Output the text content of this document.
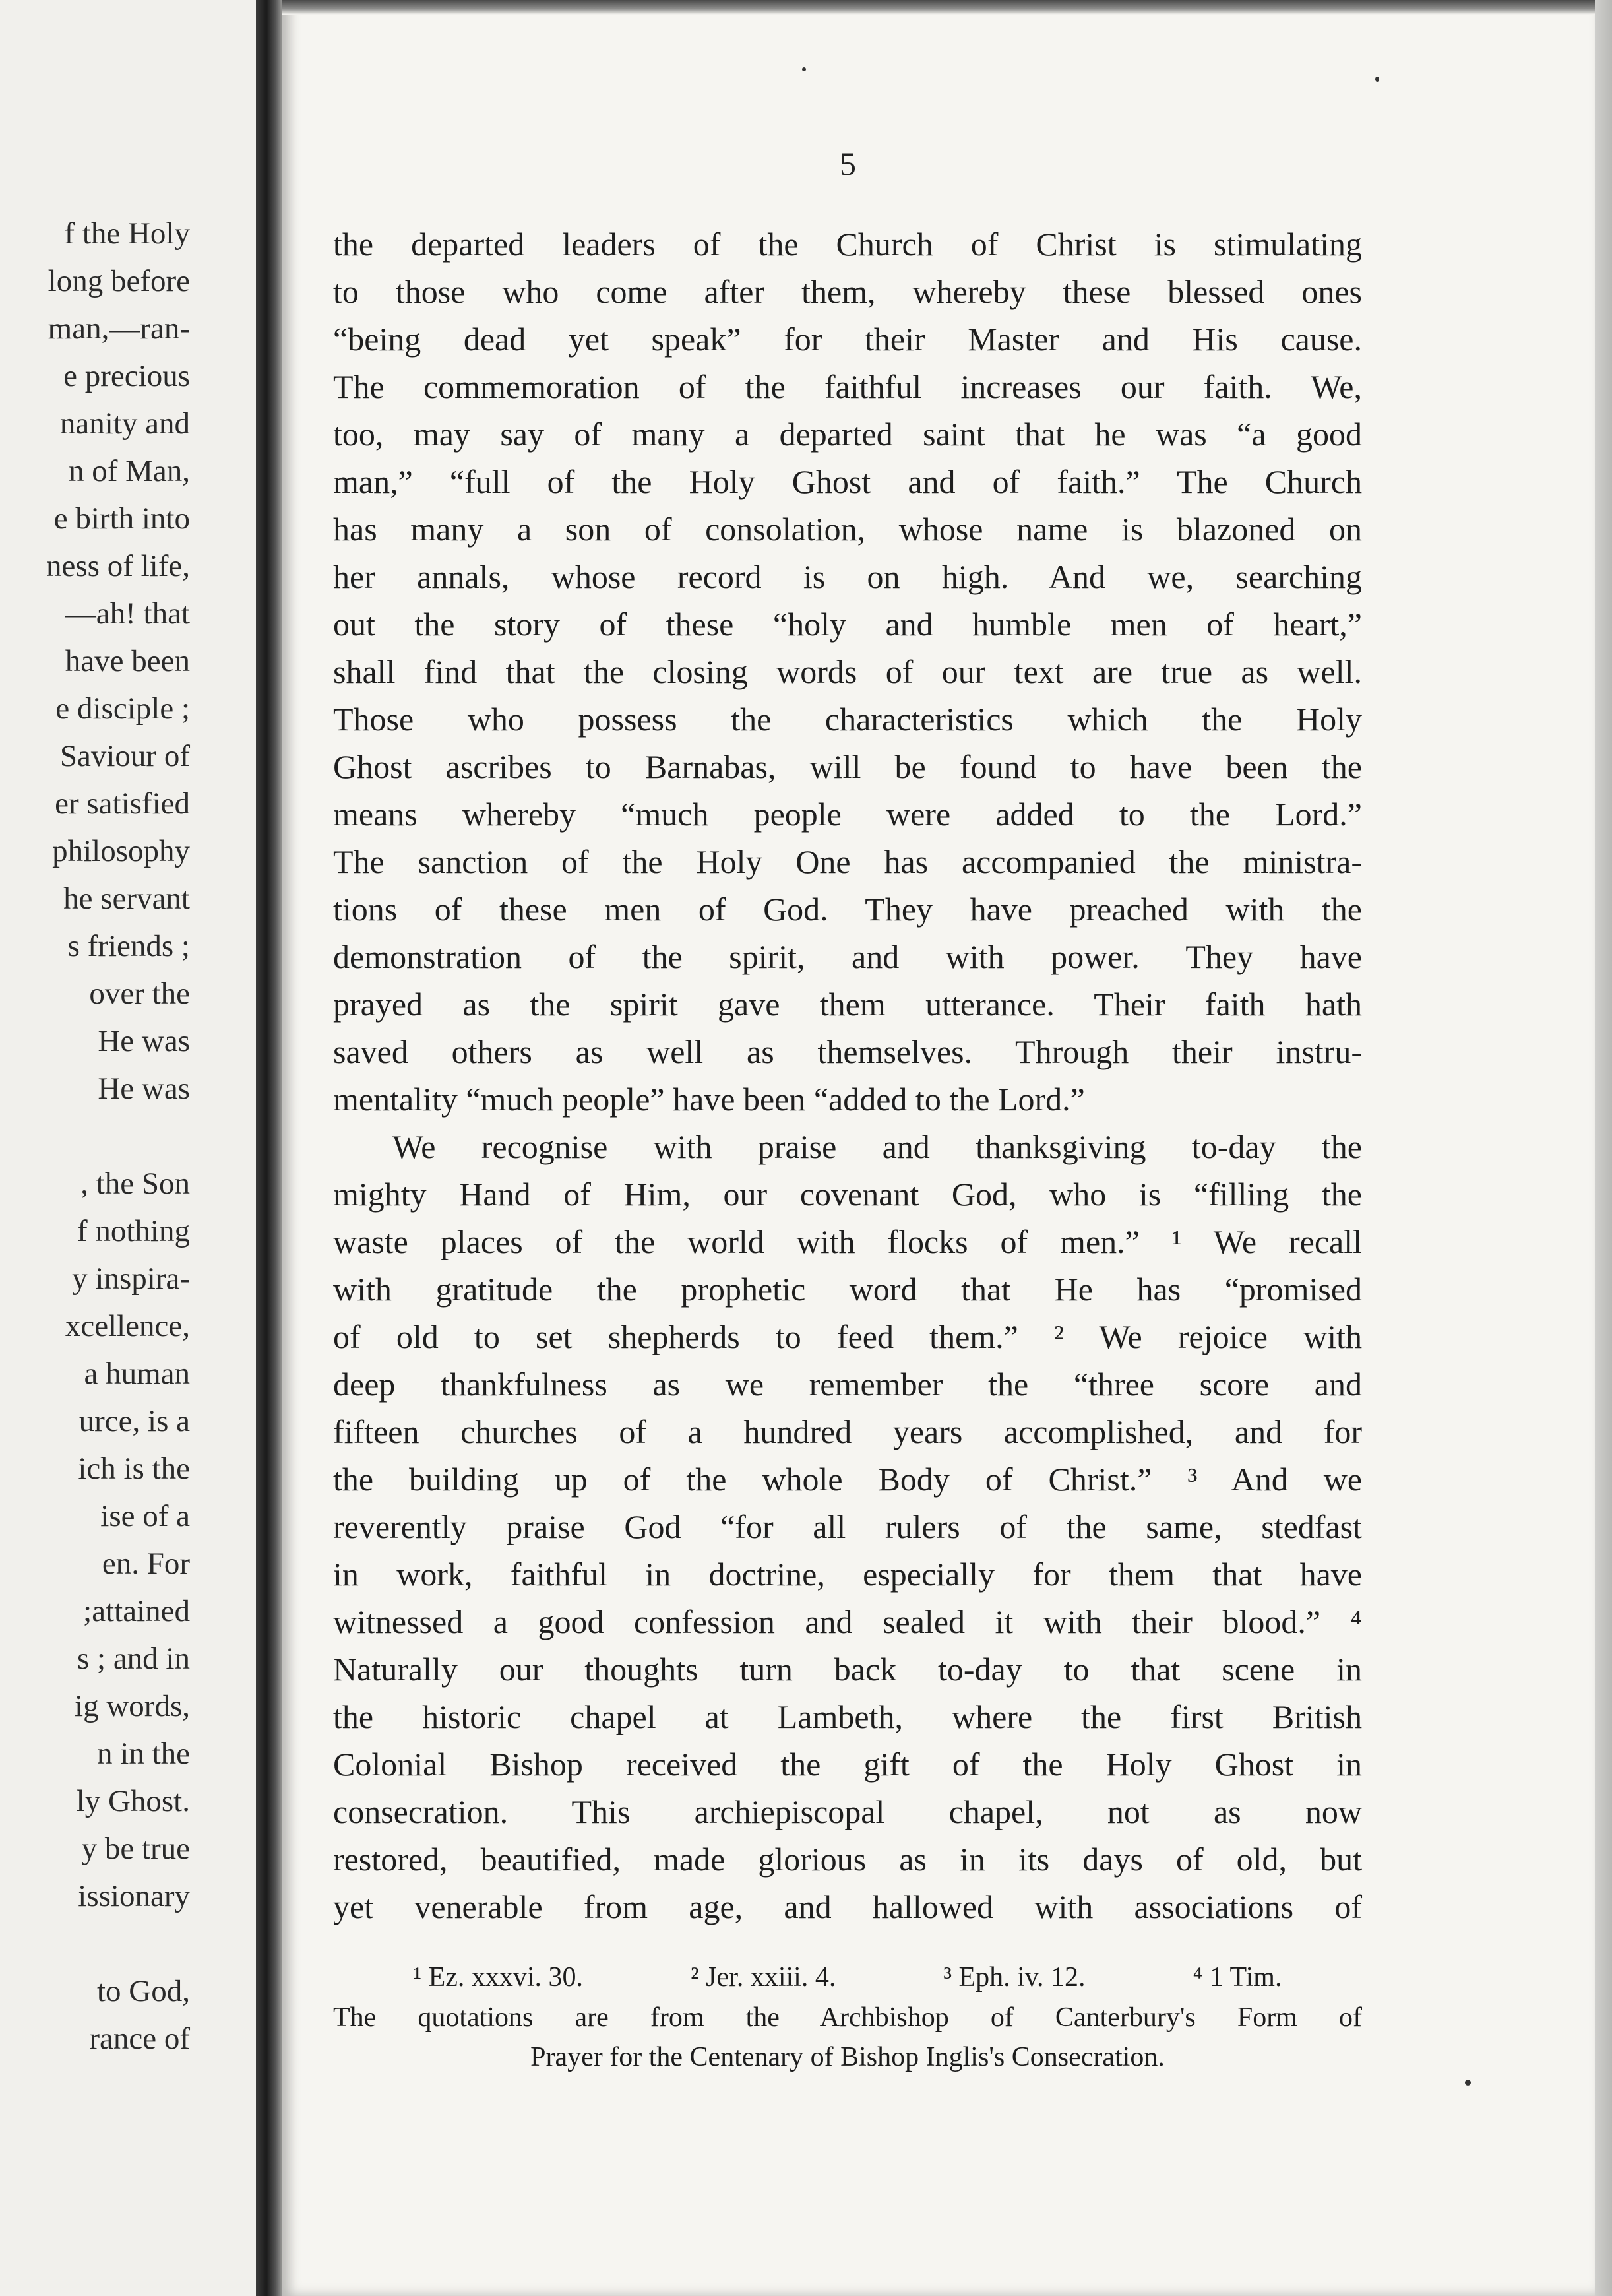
f the Holy
long before
man,—ran-
e precious
nanity and
n of Man,
e birth into
ness of life,
—ah! that
have been
e disciple ;
Saviour of
er satisfied
philosophy
he servant
s friends ;
over the
He was
He was
, the Son
f nothing
y inspira-
xcellence,
a human
urce, is a
ich is the
ise of a
en. For
;attained
s ; and in
ig words,
n in the
ly Ghost.
y be true
issionary
to God,
rance of
5
the departed leaders of the Church of Christ is stimulating
to those who come after them, whereby these blessed ones
“being dead yet speak” for their Master and His cause.
The commemoration of the faithful increases our faith. We,
too, may say of many a departed saint that he was “a good
man,” “full of the Holy Ghost and of faith.” The Church
has many a son of consolation, whose name is blazoned on
her annals, whose record is on high. And we, searching
out the story of these “holy and humble men of heart,”
shall find that the closing words of our text are true as well.
Those who possess the characteristics which the Holy
Ghost ascribes to Barnabas, will be found to have been the
means whereby “much people were added to the Lord.”
The sanction of the Holy One has accompanied the ministra-
tions of these men of God. They have preached with the
demonstration of the spirit, and with power. They have
prayed as the spirit gave them utterance. Their faith hath
saved others as well as themselves. Through their instru-
mentality “much people” have been “added to the Lord.”
We recognise with praise and thanksgiving to-day the
mighty Hand of Him, our covenant God, who is “filling the
waste places of the world with flocks of men.” ¹ We recall
with gratitude the prophetic word that He has “promised
of old to set shepherds to feed them.” ² We rejoice with
deep thankfulness as we remember the “three score and
fifteen churches of a hundred years accomplished, and for
the building up of the whole Body of Christ.” ³ And we
reverently praise God “for all rulers of the same, stedfast
in work, faithful in doctrine, especially for them that have
witnessed a good confession and sealed it with their blood.” ⁴
Naturally our thoughts turn back to-day to that scene in
the historic chapel at Lambeth, where the first British
Colonial Bishop received the gift of the Holy Ghost in
consecration. This archiepiscopal chapel, not as now
restored, beautified, made glorious as in its days of old, but
yet venerable from age, and hallowed with associations of
¹ Ez. xxxvi. 30.	² Jer. xxiii. 4.	³ Eph. iv. 12.	⁴ 1 Tim.
The quotations are from the Archbishop of Canterbury's Form of
Prayer for the Centenary of Bishop Inglis's Consecration.
